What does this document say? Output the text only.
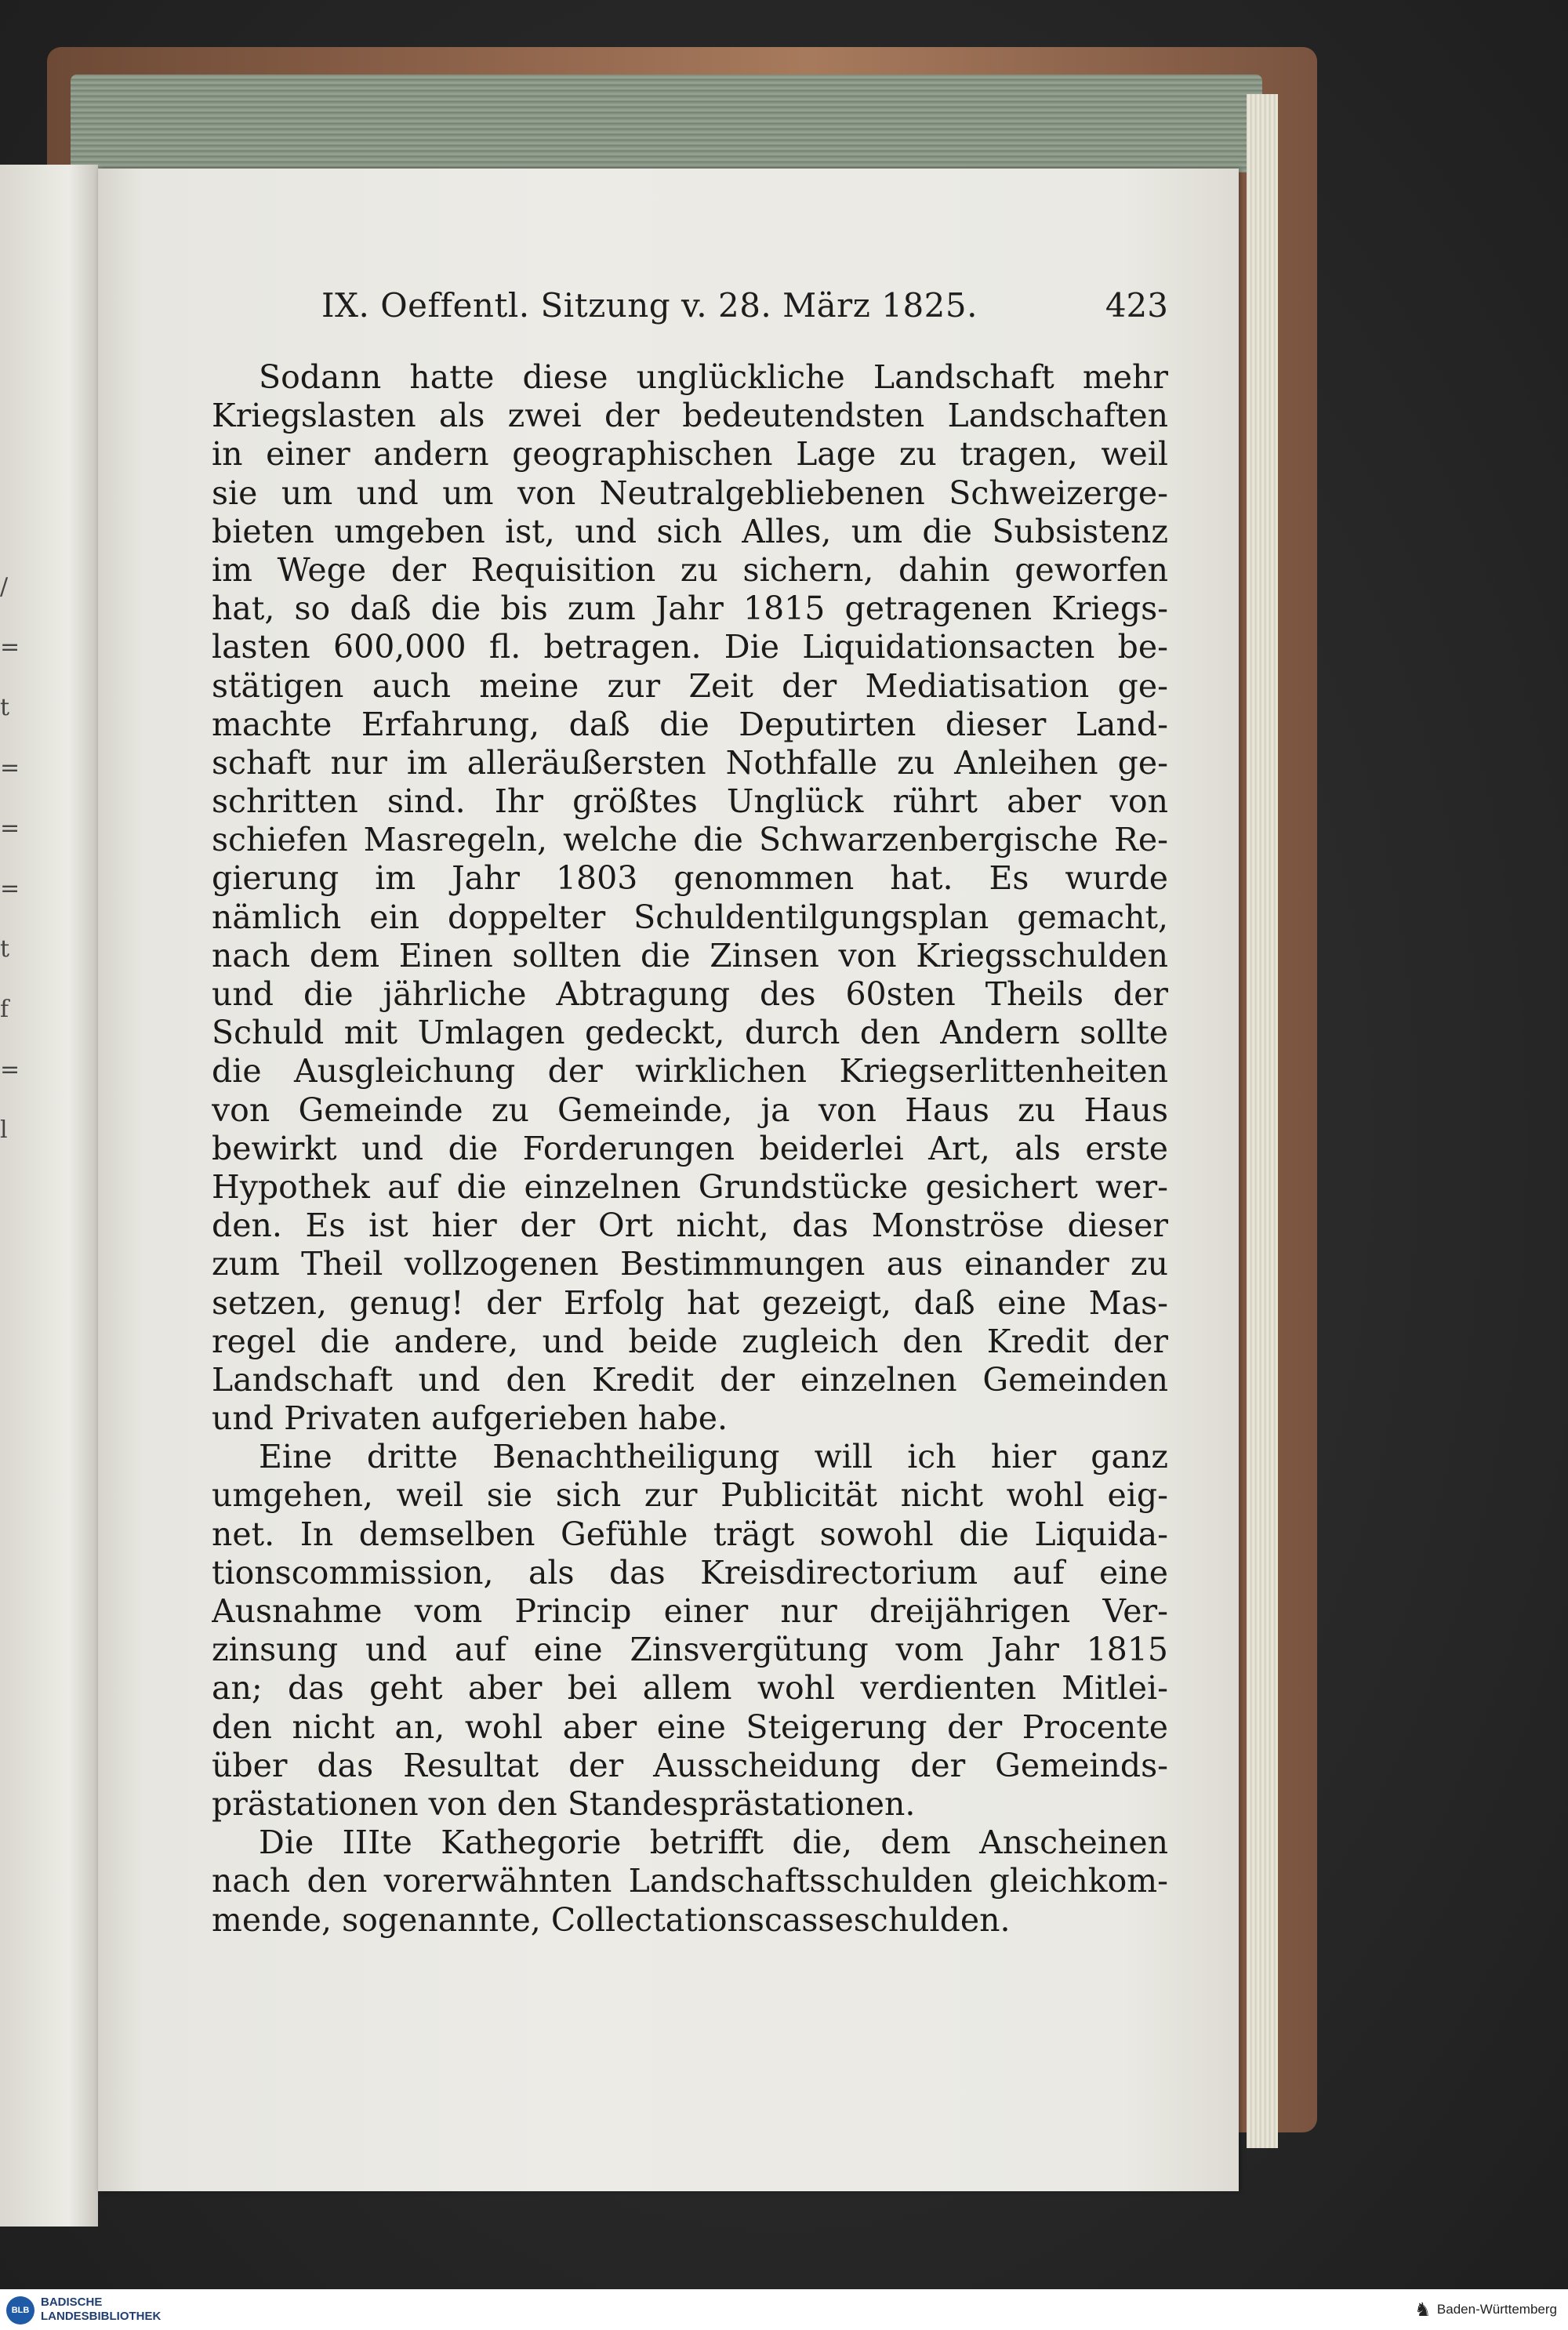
/
=
t
=
=
=
t
f
=
l
IX. Oeffentl. Sitzung v. 28. März 1825.	423
Sodann hatte diese unglückliche Landschaft mehr
Kriegslasten als zwei der bedeutendsten Landschaften
in einer andern geographischen Lage zu tragen, weil
sie um und um von Neutralgebliebenen Schweizerge-
bieten umgeben ist, und sich Alles, um die Subsistenz
im Wege der Requisition zu sichern, dahin geworfen
hat, so daß die bis zum Jahr 1815 getragenen Kriegs-
lasten 600,000 fl. betragen. Die Liquidationsacten be-
stätigen auch meine zur Zeit der Mediatisation ge-
machte Erfahrung, daß die Deputirten dieser Land-
schaft nur im alleräußersten Nothfalle zu Anleihen ge-
schritten sind. Ihr größtes Unglück rührt aber von
schiefen Masregeln, welche die Schwarzenbergische Re-
gierung im Jahr 1803 genommen hat. Es wurde
nämlich ein doppelter Schuldentilgungsplan gemacht,
nach dem Einen sollten die Zinsen von Kriegsschulden
und die jährliche Abtragung des 60sten Theils der
Schuld mit Umlagen gedeckt, durch den Andern sollte
die Ausgleichung der wirklichen Kriegserlittenheiten
von Gemeinde zu Gemeinde, ja von Haus zu Haus
bewirkt und die Forderungen beiderlei Art, als erste
Hypothek auf die einzelnen Grundstücke gesichert wer-
den. Es ist hier der Ort nicht, das Monströse dieser
zum Theil vollzogenen Bestimmungen aus einander zu
setzen, genug! der Erfolg hat gezeigt, daß eine Mas-
regel die andere, und beide zugleich den Kredit der
Landschaft und den Kredit der einzelnen Gemeinden
und Privaten aufgerieben habe.
Eine dritte Benachtheiligung will ich hier ganz
umgehen, weil sie sich zur Publicität nicht wohl eig-
net. In demselben Gefühle trägt sowohl die Liquida-
tionscommission, als das Kreisdirectorium auf eine
Ausnahme vom Princip einer nur dreijährigen Ver-
zinsung und auf eine Zinsvergütung vom Jahr 1815
an; das geht aber bei allem wohl verdienten Mitlei-
den nicht an, wohl aber eine Steigerung der Procente
über das Resultat der Ausscheidung der Gemeinds-
prästationen von den Standesprästationen.
Die IIIte Kathegorie betrifft die, dem Anscheinen
nach den vorerwähnten Landschaftsschulden gleichkom-
mende, sogenannte, Collectationscasseschulden.
BLB
BADISCHE
LANDESBIBLIOTHEK	♞ Baden-Württemberg
